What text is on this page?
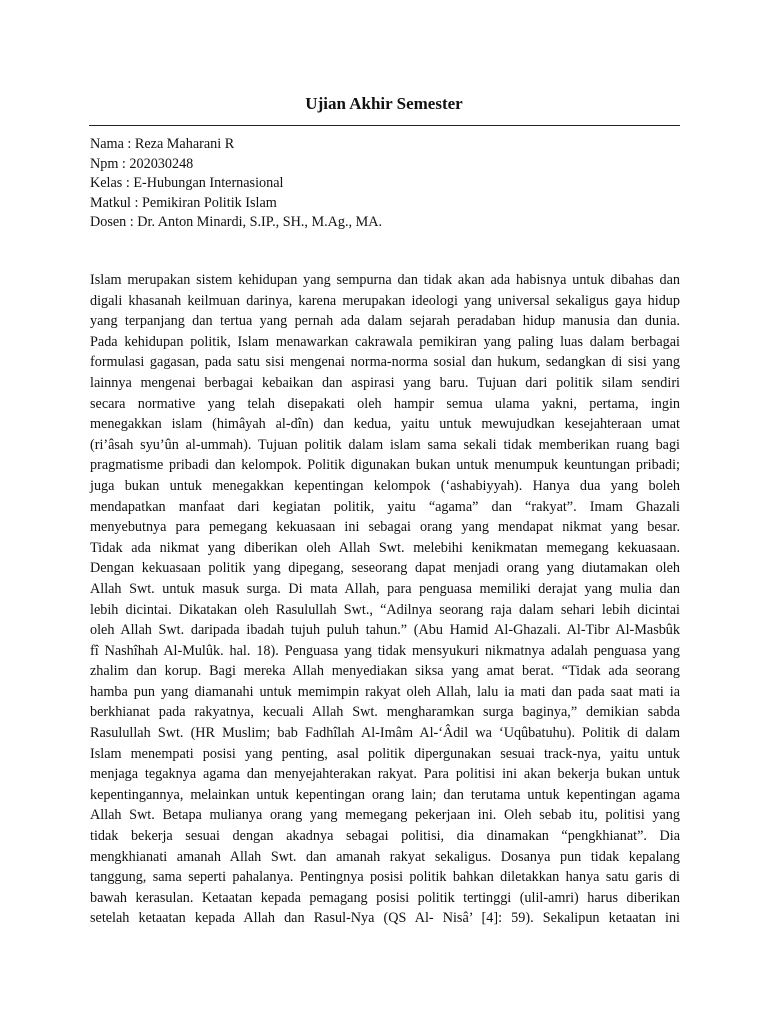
Ujian Akhir Semester
Nama : Reza Maharani R
Npm : 202030248
Kelas : E-Hubungan Internasional
Matkul : Pemikiran Politik Islam
Dosen : Dr. Anton Minardi, S.IP., SH., M.Ag., MA.
Islam merupakan sistem kehidupan yang sempurna dan tidak akan ada habisnya untuk dibahas dan
digali khasanah keilmuan darinya, karena merupakan ideologi yang universal sekaligus gaya hidup
yang terpanjang dan tertua yang pernah ada dalam sejarah peradaban hidup manusia dan dunia.
Pada kehidupan politik, Islam menawarkan cakrawala pemikiran yang paling luas dalam berbagai
formulasi gagasan, pada satu sisi mengenai norma-norma sosial dan hukum, sedangkan di sisi yang
lainnya mengenai berbagai kebaikan dan aspirasi yang baru. Tujuan dari politik silam sendiri
secara normative yang telah disepakati oleh hampir semua ulama yakni, pertama, ingin
menegakkan islam (himâyah al-dîn) dan kedua, yaitu untuk mewujudkan kesejahteraan umat
(ri’âsah syu’ûn al-ummah). Tujuan politik dalam islam sama sekali tidak memberikan ruang bagi
pragmatisme pribadi dan kelompok. Politik digunakan bukan untuk menumpuk keuntungan pribadi;
juga bukan untuk menegakkan kepentingan kelompok (‘ashabiyyah). Hanya dua yang boleh
mendapatkan manfaat dari kegiatan politik, yaitu “agama” dan “rakyat”. Imam Ghazali
menyebutnya para pemegang kekuasaan ini sebagai orang yang mendapat nikmat yang besar.
Tidak ada nikmat yang diberikan oleh Allah Swt. melebihi kenikmatan memegang kekuasaan.
Dengan kekuasaan politik yang dipegang, seseorang dapat menjadi orang yang diutamakan oleh
Allah Swt. untuk masuk surga. Di mata Allah, para penguasa memiliki derajat yang mulia dan
lebih dicintai. Dikatakan oleh Rasulullah Swt., “Adilnya seorang raja dalam sehari lebih dicintai
oleh Allah Swt. daripada ibadah tujuh puluh tahun.” (Abu Hamid Al-Ghazali. Al-Tibr Al-Masbûk
fî Nashîhah Al-Mulûk. hal. 18). Penguasa yang tidak mensyukuri nikmatnya adalah penguasa yang
zhalim dan korup. Bagi mereka Allah menyediakan siksa yang amat berat. “Tidak ada seorang
hamba pun yang diamanahi untuk memimpin rakyat oleh Allah, lalu ia mati dan pada saat mati ia
berkhianat pada rakyatnya, kecuali Allah Swt. mengharamkan surga baginya,” demikian sabda
Rasulullah Swt. (HR Muslim; bab Fadhîlah Al-Imâm Al-‘Âdil wa ‘Uqûbatuhu). Politik di dalam
Islam menempati posisi yang penting, asal politik dipergunakan sesuai track-nya, yaitu untuk
menjaga tegaknya agama dan menyejahterakan rakyat. Para politisi ini akan bekerja bukan untuk
kepentingannya, melainkan untuk kepentingan orang lain; dan terutama untuk kepentingan agama
Allah Swt. Betapa mulianya orang yang memegang pekerjaan ini. Oleh sebab itu, politisi yang
tidak bekerja sesuai dengan akadnya sebagai politisi, dia dinamakan “pengkhianat”. Dia
mengkhianati amanah Allah Swt. dan amanah rakyat sekaligus. Dosanya pun tidak kepalang
tanggung, sama seperti pahalanya. Pentingnya posisi politik bahkan diletakkan hanya satu garis di
bawah kerasulan. Ketaatan kepada pemagang posisi politik tertinggi (ulil-amri) harus diberikan
setelah ketaatan kepada Allah dan Rasul-Nya (QS Al- Nisâ’ [4]: 59). Sekalipun ketaatan ini
